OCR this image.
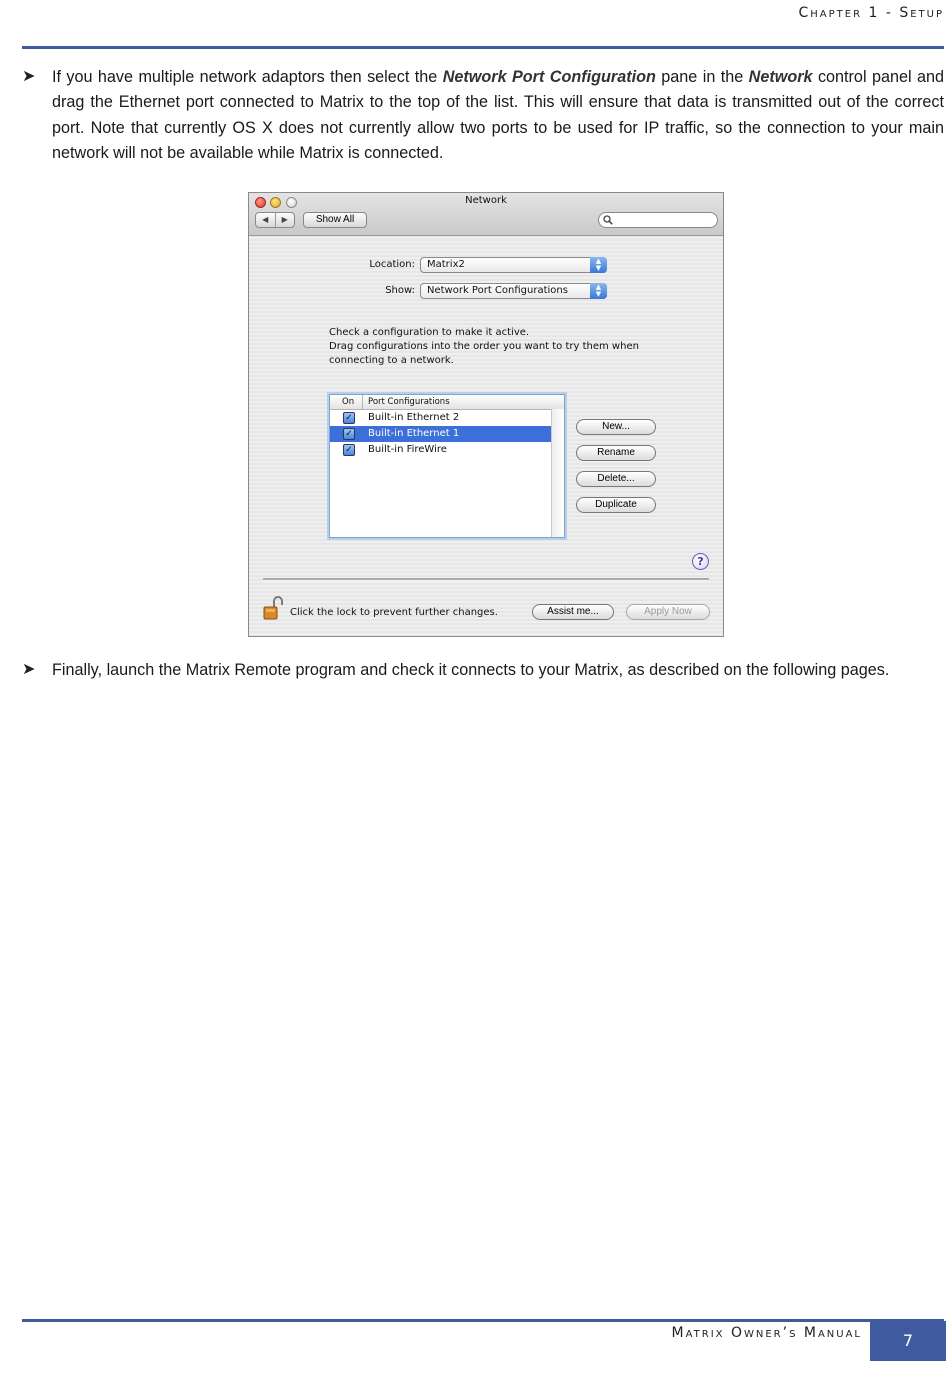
Chapter 1 - Setup
➤ If you have multiple network adaptors then select the Network Port Configuration pane in the Network control panel and drag the Ethernet port connected to Matrix to the top of the list. This will ensure that data is transmitted out of the correct port. Note that currently OS X does not currently allow two ports to be used for IP traffic, so the connection to your main network will not be available while Matrix is connected.
Network
◀	▶	Show All
Location:	Matrix2	▲
▼
Show:	Network Port Configurations	▲
▼
Check a configuration to make it active.
Drag configurations into the order you want to try them when
connecting to a network.
On Port Configurations
✓ Built-in Ethernet 2
✓ Built-in Ethernet 1
✓ Built-in FireWire
New...
Rename
Delete...
Duplicate
?
Click the lock to prevent further changes.	Assist me...	Apply Now
➤ Finally, launch the Matrix Remote program and check it connects to your Matrix, as described on the following pages.
Matrix Owner’s Manual	7
